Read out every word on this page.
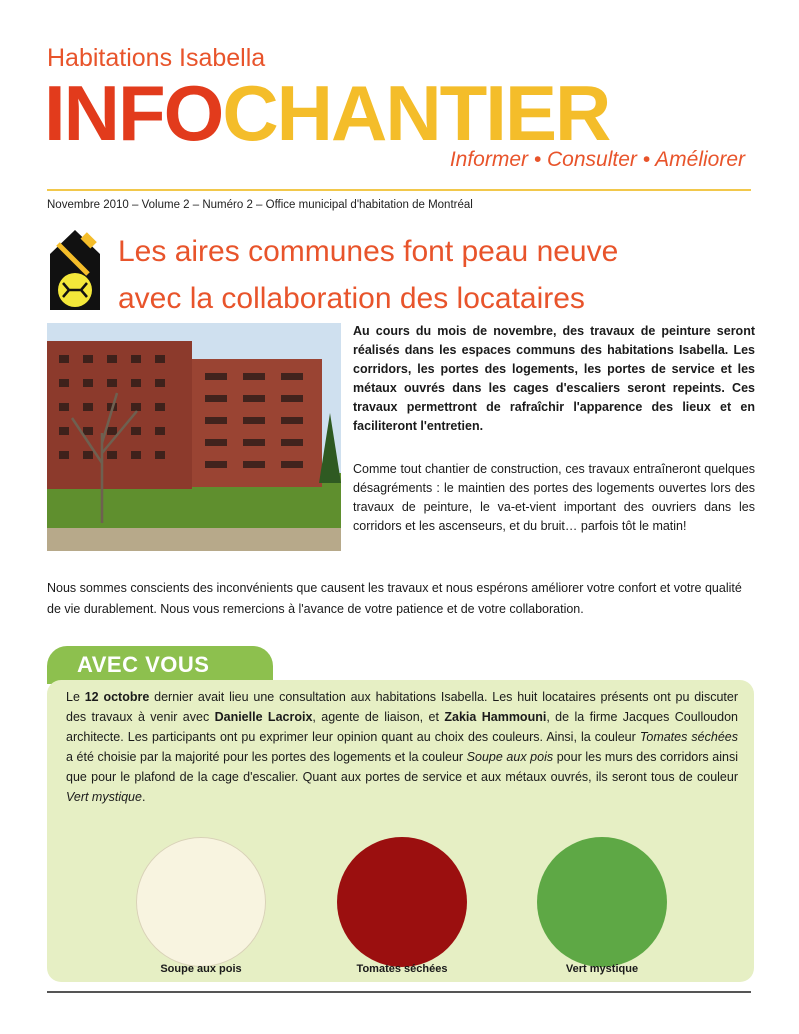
Habitations Isabella
INFOCHANTIER
Informer • Consulter • Améliorer
Novembre 2010 – Volume 2 – Numéro 2 – Office municipal d'habitation de Montréal
Les aires communes font peau neuve
avec la collaboration des locataires
Au cours du mois de novembre, des travaux de peinture seront réalisés dans les espaces communs des habitations Isabella. Les corridors, les portes des logements, les portes de service et les métaux ouvrés dans les cages d'escaliers seront repeints. Ces travaux permettront de rafraîchir l'apparence des lieux et en faciliteront l'entretien.
Comme tout chantier de construction, ces travaux entraîneront quelques désagréments : le maintien des portes des logements ouvertes lors des travaux de peinture, le va-et-vient important des ouvriers dans les corridors et les ascenseurs, et du bruit… parfois tôt le matin!
Nous sommes conscients des inconvénients que causent les travaux et nous espérons améliorer votre confort et votre qualité de vie durablement. Nous vous remercions à l'avance de votre patience et de votre collaboration.
AVEC VOUS
Le 12 octobre dernier avait lieu une consultation aux habitations Isabella. Les huit locataires présents ont pu discuter des travaux à venir avec Danielle Lacroix, agente de liaison, et Zakia Hammouni, de la firme Jacques Coulloudon architecte. Les participants ont pu exprimer leur opinion quant au choix des couleurs. Ainsi, la couleur Tomates séchées a été choisie par la majorité pour les portes des logements et la couleur Soupe aux pois pour les murs des corridors ainsi que pour le plafond de la cage d'escalier. Quant aux portes de service et aux métaux ouvrés, ils seront tous de couleur Vert mystique.
Soupe aux pois	Tomates séchées	Vert mystique
